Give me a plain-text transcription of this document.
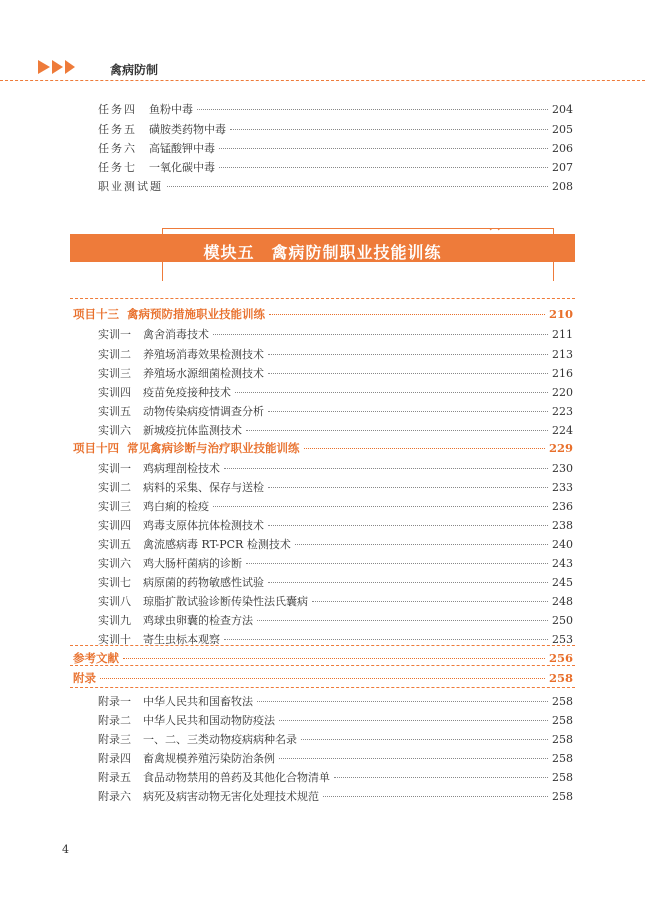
禽病防制
任务四 鱼粉中毒	204
任务五 磺胺类药物中毒	205
任务六 高锰酸钾中毒	206
任务七 一氧化碳中毒	207
职业测试题	208
模块五　禽病防制职业技能训练
项目十三 禽病预防措施职业技能训练	210
实训一 禽舍消毒技术	211
实训二 养殖场消毒效果检测技术	213
实训三 养殖场水源细菌检测技术	216
实训四 疫苗免疫接种技术	220
实训五 动物传染病疫情调查分析	223
实训六 新城疫抗体监测技术	224
项目十四 常见禽病诊断与治疗职业技能训练	229
实训一 鸡病理剖检技术	230
实训二 病料的采集、保存与送检	233
实训三 鸡白痢的检疫	236
实训四 鸡毒支原体抗体检测技术	238
实训五 禽流感病毒 RT-PCR 检测技术	240
实训六 鸡大肠杆菌病的诊断	243
实训七 病原菌的药物敏感性试验	245
实训八 琼脂扩散试验诊断传染性法氏囊病	248
实训九 鸡球虫卵囊的检查方法	250
实训十 寄生虫标本观察	253
参考文献	256
附录	258
附录一 中华人民共和国畜牧法	258
附录二 中华人民共和国动物防疫法	258
附录三 一、二、三类动物疫病病种名录	258
附录四 畜禽规模养殖污染防治条例	258
附录五 食品动物禁用的兽药及其他化合物清单	258
附录六 病死及病害动物无害化处理技术规范	258
4
